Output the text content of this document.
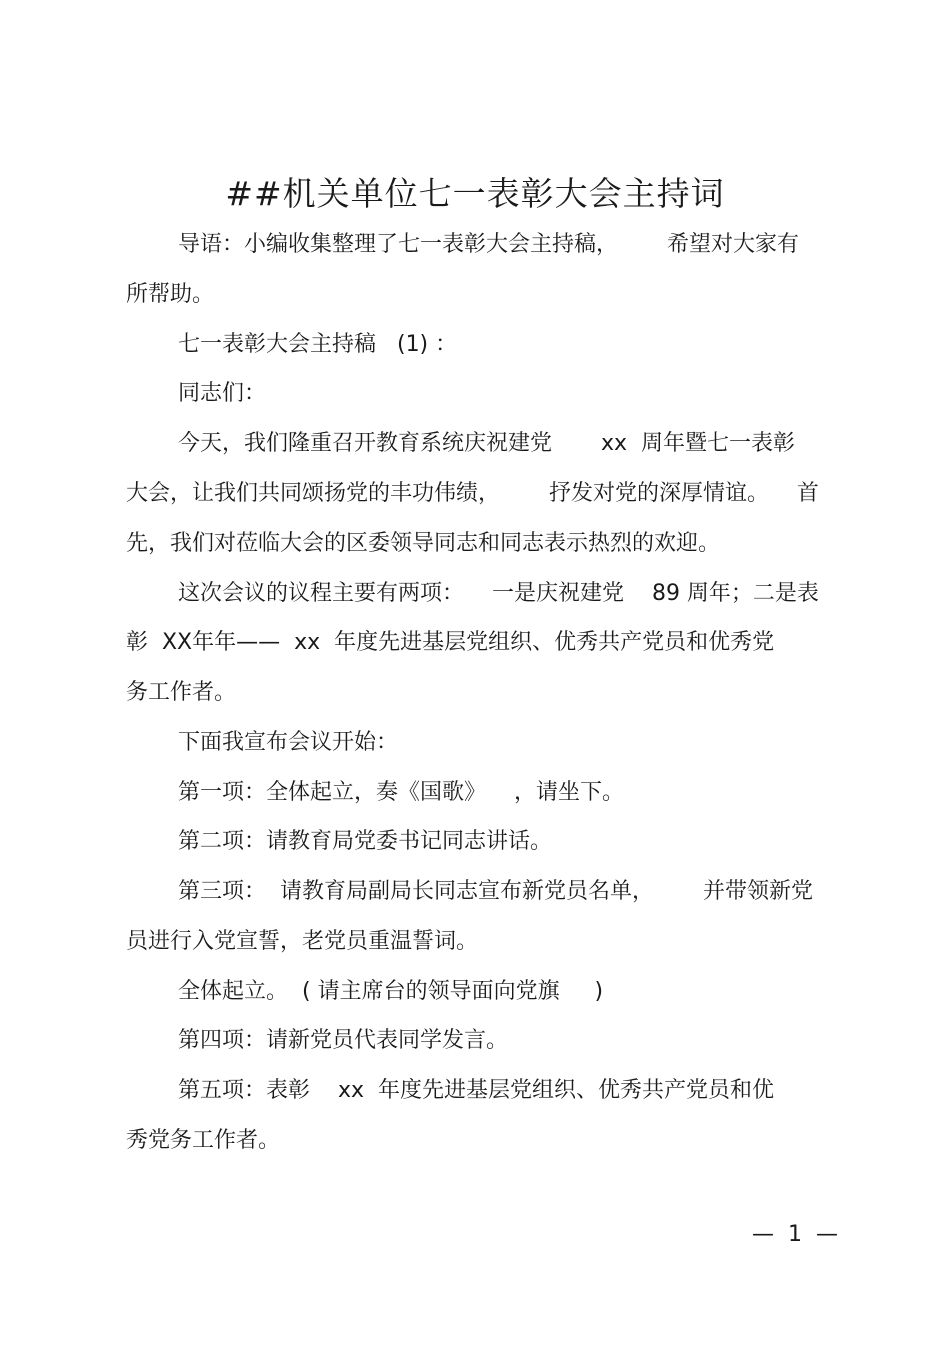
##机关单位七一表彰大会主持词
导语：小编收集整理了七一表彰大会主持稿，       希望对大家有
所帮助。
七一表彰大会主持稿   (1) ：
同志们：
今天，我们隆重召开教育系统庆祝建党       xx  周年暨七一表彰
大会，让我们共同颂扬党的丰功伟绩，       抒发对党的深厚情谊。    首
先，我们对莅临大会的区委领导同志和同志表示热烈的欢迎。
这次会议的议程主要有两项：    一是庆祝建党    89 周年；二是表
彰  XX年年——  xx  年度先进基层党组织、优秀共产党员和优秀党
务工作者。
下面我宣布会议开始：
第一项：全体起立，奏《国歌》    ，请坐下。
第二项：请教育局党委书记同志讲话。
第三项：  请教育局副局长同志宣布新党员名单，       并带领新党
员进行入党宣誓，老党员重温誓词。
全体起立。  ( 请主席台的领导面向党旗     )
第四项：请新党员代表同学发言。
第五项：表彰    xx  年度先进基层党组织、优秀共产党员和优
秀党务工作者。
—  1  —
